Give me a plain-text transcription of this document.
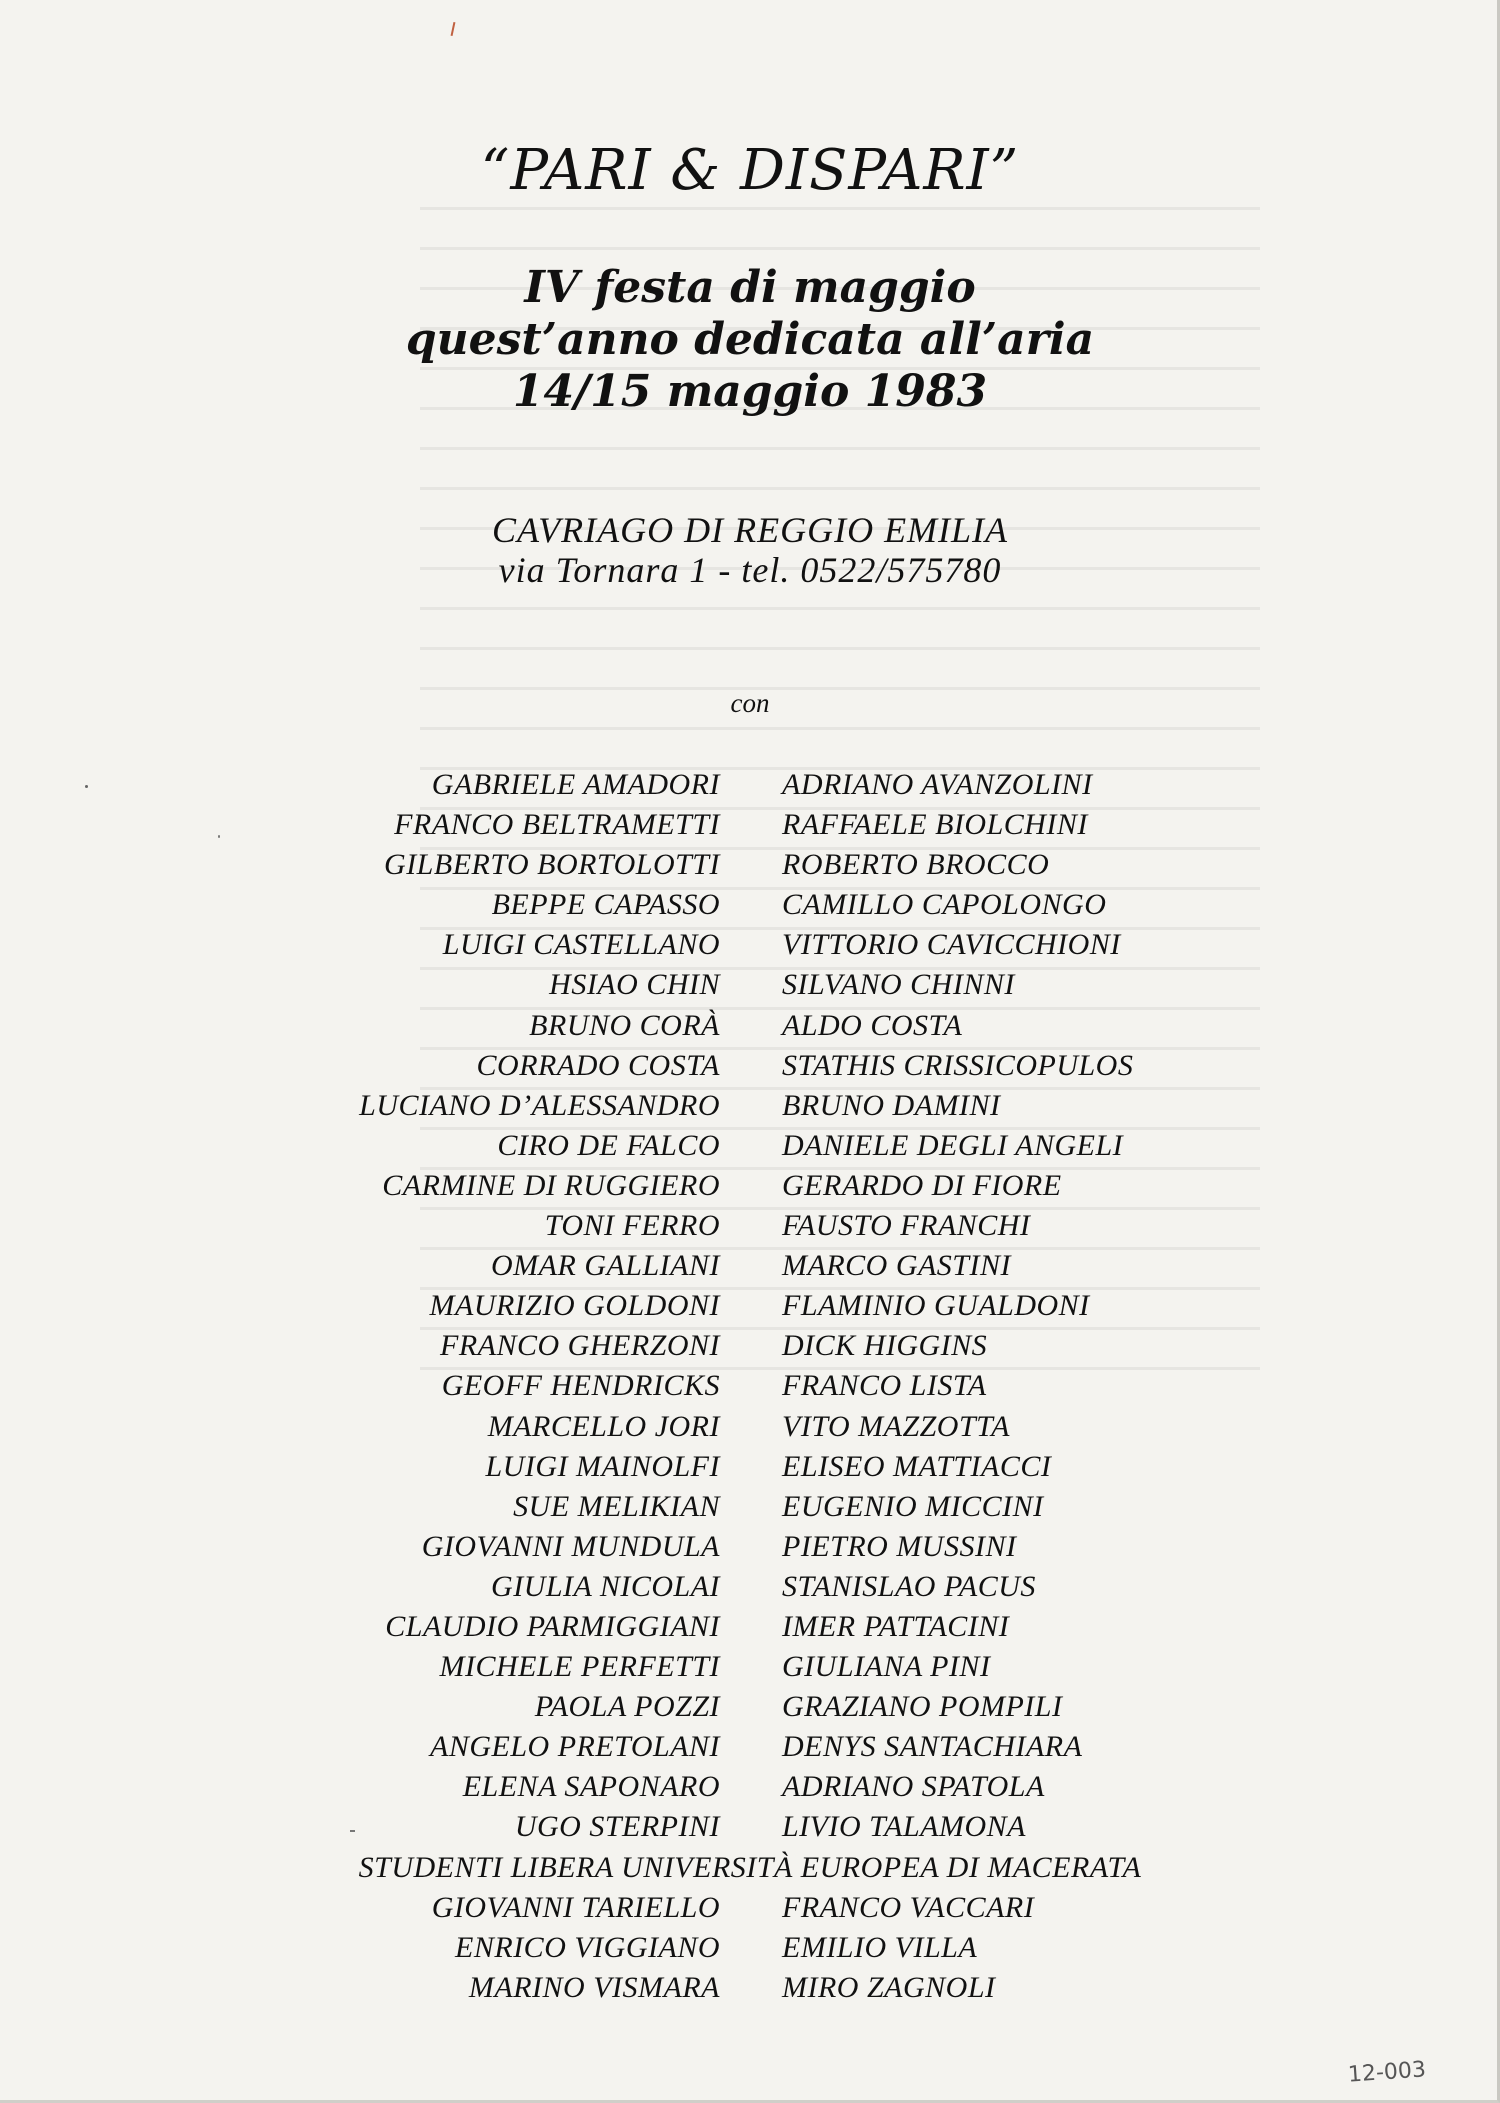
“PARI & DISPARI”
IV festa di maggio
quest’anno dedicata all’aria
14/15 maggio 1983
CAVRIAGO DI REGGIO EMILIA
via Tornara 1 - tel. 0522/575780
con
GABRIELE AMADORI ADRIANO AVANZOLINI
FRANCO BELTRAMETTI RAFFAELE BIOLCHINI
GILBERTO BORTOLOTTI ROBERTO BROCCO
BEPPE CAPASSO CAMILLO CAPOLONGO
LUIGI CASTELLANO VITTORIO CAVICCHIONI
HSIAO CHIN SILVANO CHINNI
BRUNO CORÀ ALDO COSTA
CORRADO COSTA STATHIS CRISSICOPULOS
LUCIANO D’ALESSANDRO BRUNO DAMINI
CIRO DE FALCO DANIELE DEGLI ANGELI
CARMINE DI RUGGIERO GERARDO DI FIORE
TONI FERRO FAUSTO FRANCHI
OMAR GALLIANI MARCO GASTINI
MAURIZIO GOLDONI FLAMINIO GUALDONI
FRANCO GHERZONI DICK HIGGINS
GEOFF HENDRICKS FRANCO LISTA
MARCELLO JORI VITO MAZZOTTA
LUIGI MAINOLFI ELISEO MATTIACCI
SUE MELIKIAN EUGENIO MICCINI
GIOVANNI MUNDULA PIETRO MUSSINI
GIULIA NICOLAI STANISLAO PACUS
CLAUDIO PARMIGGIANI IMER PATTACINI
MICHELE PERFETTI GIULIANA PINI
PAOLA POZZI GRAZIANO POMPILI
ANGELO PRETOLANI DENYS SANTACHIARA
ELENA SAPONARO ADRIANO SPATOLA
UGO STERPINI LIVIO TALAMONA
STUDENTI LIBERA UNIVERSITÀ EUROPEA DI MACERATA
GIOVANNI TARIELLO FRANCO VACCARI
ENRICO VIGGIANO EMILIO VILLA
MARINO VISMARA MIRO ZAGNOLI
12-003
